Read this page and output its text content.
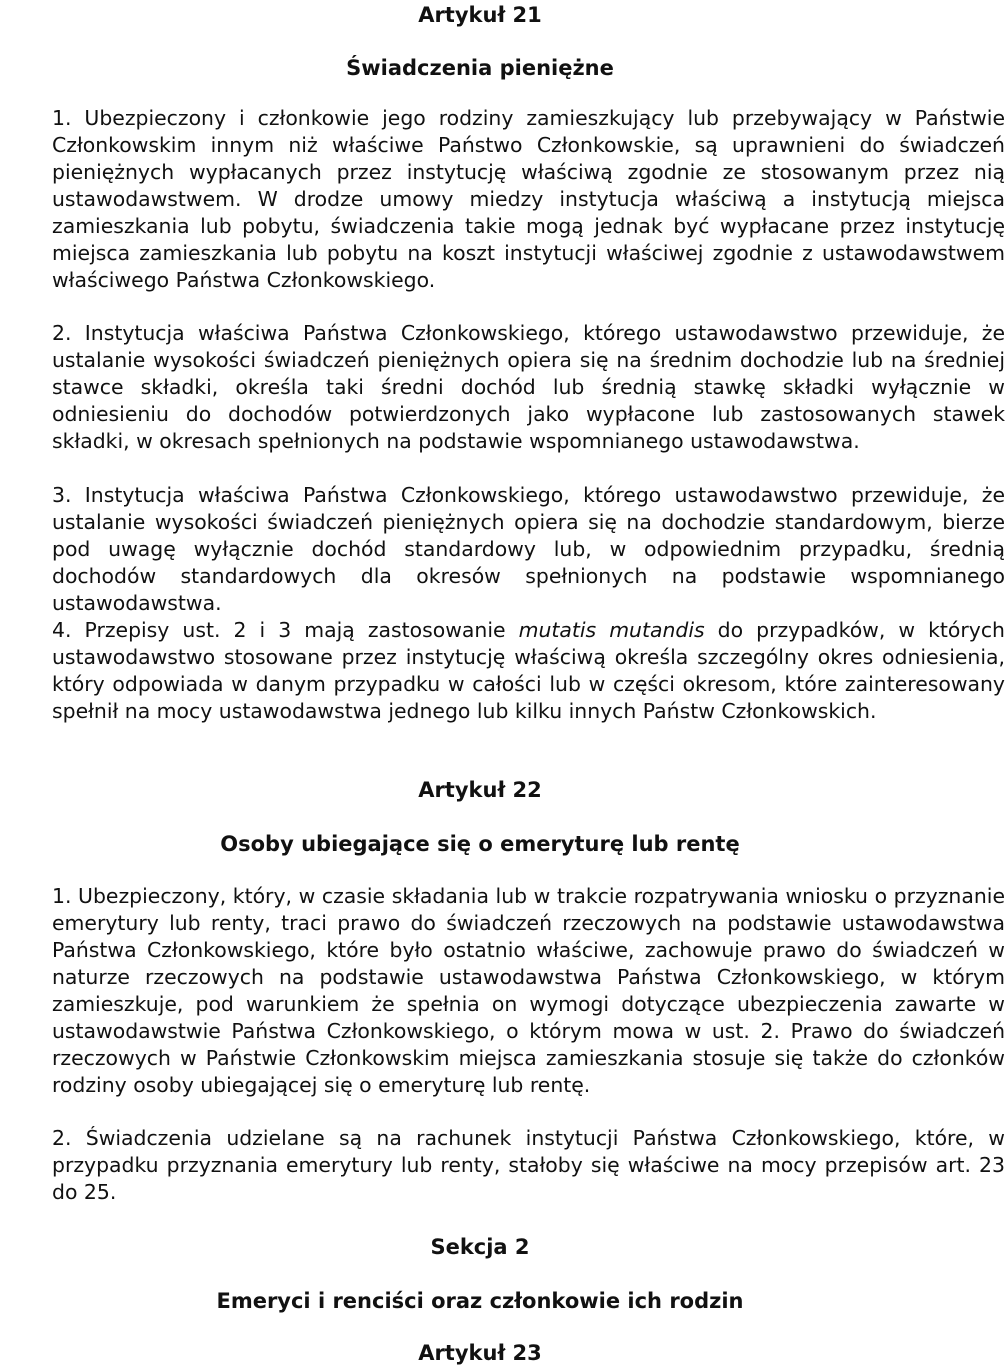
Artykuł 21
Świadczenia pieniężne

1. Ubezpieczony i członkowie jego rodziny zamieszkujący lub przebywający w Państwie Członkowskim innym niż właściwe Państwo Członkowskie, są uprawnieni do świadczeń pieniężnych wypłacanych przez instytucję właściwą zgodnie ze stosowanym przez nią ustawodawstwem. W drodze umowy miedzy instytucja właściwą a instytucją miejsca zamieszkania lub pobytu, świadczenia takie mogą jednak być wypłacane przez instytucję miejsca zamieszkania lub pobytu na koszt instytucji właściwej zgodnie z ustawodawstwem właściwego Państwa Członkowskiego.

2. Instytucja właściwa Państwa Członkowskiego, którego ustawodawstwo przewiduje, że ustalanie wysokości świadczeń pieniężnych opiera się na średnim dochodzie lub na średniej stawce składki, określa taki średni dochód lub średnią stawkę składki wyłącznie w odniesieniu do dochodów potwierdzonych jako wypłacone lub zastosowanych stawek składki, w okresach spełnionych na podstawie wspomnianego ustawodawstwa.

3. Instytucja właściwa Państwa Członkowskiego, którego ustawodawstwo przewiduje, że ustalanie wysokości świadczeń pieniężnych opiera się na dochodzie standardowym, bierze pod uwagę wyłącznie dochód standardowy lub, w odpowiednim przypadku, średnią dochodów standardowych dla okresów spełnionych na podstawie wspomnianego ustawodawstwa.

4. Przepisy ust. 2 i 3 mają zastosowanie mutatis mutandis do przypadków, w których ustawodawstwo stosowane przez instytucję właściwą określa szczególny okres odniesienia, który odpowiada w danym przypadku w całości lub w części okresom, które zainteresowany spełnił na mocy ustawodawstwa jednego lub kilku innych Państw Członkowskich.

Artykuł 22
Osoby ubiegające się o emeryturę lub rentę

1. Ubezpieczony, który, w czasie składania lub w trakcie rozpatrywania wniosku o przyznanie emerytury lub renty, traci prawo do świadczeń rzeczowych na podstawie ustawodawstwa Państwa Członkowskiego, które było ostatnio właściwe, zachowuje prawo do świadczeń w naturze rzeczowych na podstawie ustawodawstwa Państwa Członkowskiego, w którym zamieszkuje, pod warunkiem że spełnia on wymogi dotyczące ubezpieczenia zawarte w ustawodawstwie Państwa Członkowskiego, o którym mowa w ust. 2. Prawo do świadczeń rzeczowych w Państwie Członkowskim miejsca zamieszkania stosuje się także do członków rodziny osoby ubiegającej się o emeryturę lub rentę.

2. Świadczenia udzielane są na rachunek instytucji Państwa Członkowskiego, które, w przypadku przyznania emerytury lub renty, stałoby się właściwe na mocy przepisów art. 23 do 25.

Sekcja 2
Emeryci i renciści oraz członkowie ich rodzin
Artykuł 23
